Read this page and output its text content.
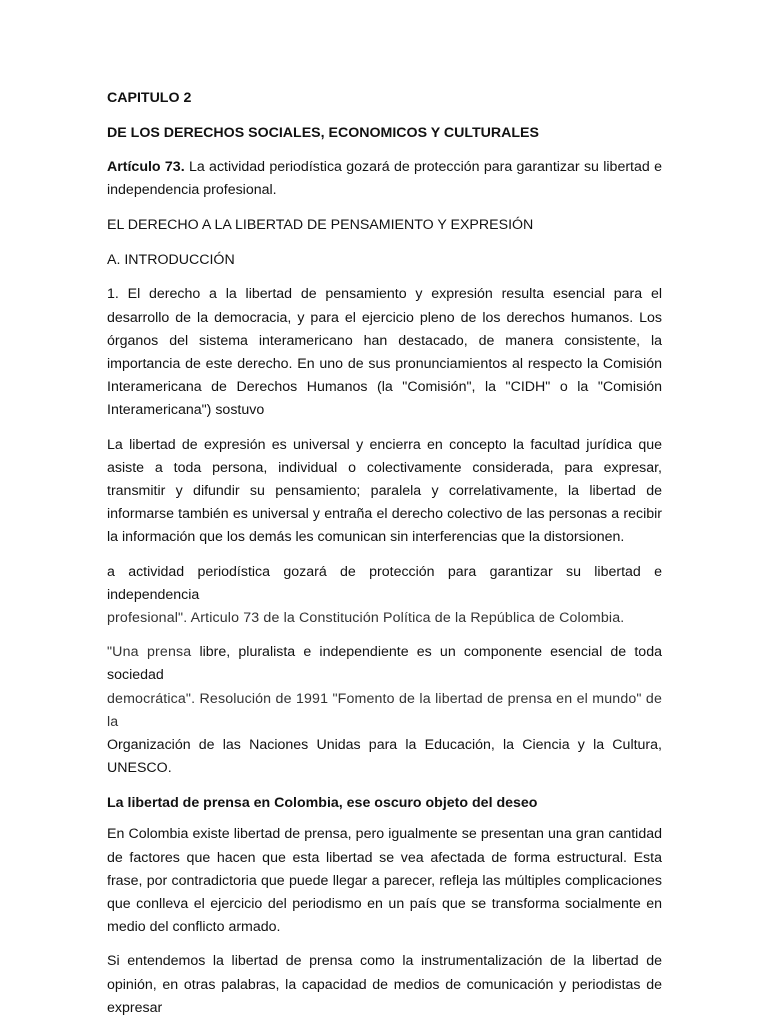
CAPITULO 2
DE LOS DERECHOS SOCIALES, ECONOMICOS Y CULTURALES

Artículo 73. La actividad periodística gozará de protección para garantizar su libertad e independencia profesional.

EL DERECHO A LA LIBERTAD DE PENSAMIENTO Y EXPRESIÓN

A. INTRODUCCIÓN

1. El derecho a la libertad de pensamiento y expresión resulta esencial para el desarrollo de la democracia, y para el ejercicio pleno de los derechos humanos. Los órganos del sistema interamericano han destacado, de manera consistente, la importancia de este derecho. En uno de sus pronunciamientos al respecto la Comisión Interamericana de Derechos Humanos (la "Comisión", la "CIDH" o la "Comisión Interamericana") sostuvo

La libertad de expresión es universal y encierra en concepto la facultad jurídica que asiste a toda persona, individual o colectivamente considerada, para expresar, transmitir y difundir su pensamiento; paralela y correlativamente, la libertad de informarse también es universal y entraña el derecho colectivo de las personas a recibir la información que los demás les comunican sin interferencias que la distorsionen.

a actividad periodística gozará de protección para garantizar su libertad e independencia

profesional". Articulo 73 de la Constitución Política de la República de Colombia.

"Una prensa libre, pluralista e independiente es un componente esencial de toda sociedad

democrática". Resolución de 1991 "Fomento de la libertad de prensa en el mundo" de la

Organización de las Naciones Unidas para la Educación, la Ciencia y la Cultura, UNESCO.

La libertad de prensa en Colombia, ese oscuro objeto del deseo

En Colombia existe libertad de prensa, pero igualmente se presentan una gran cantidad de factores que hacen que esta libertad se vea afectada de forma estructural. Esta frase, por contradictoria que puede llegar a parecer, refleja las múltiples complicaciones que conlleva el ejercicio del periodismo en un país que se transforma socialmente en medio del conflicto armado.

Si entendemos la libertad de prensa como la instrumentalización de la libertad de opinión, en otras palabras, la capacidad de medios de comunicación y periodistas de expresar
